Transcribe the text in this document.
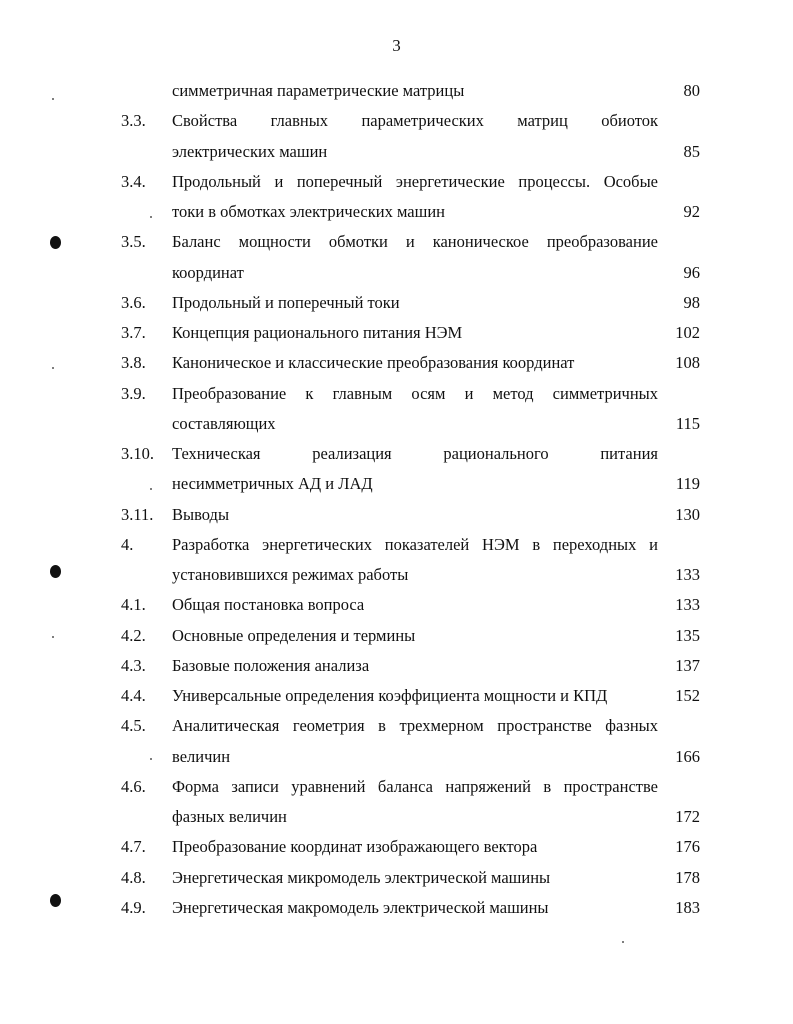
3
симметричная параметрические матрицы	80
3.3. Свойства главных параметрических матриц обиоток
электрических машин	85
3.4. Продольный и поперечный энергетические процессы. Особые
токи в обмотках электрических машин	92
3.5. Баланс мощности обмотки и каноническое преобразование
координат	96
3.6. Продольный и поперечный токи	98
3.7. Концепция рационального питания НЭМ	102
3.8. Каноническое и классические преобразования координат	108
3.9. Преобразование к главным осям и метод симметричных
составляющих	115
3.10. Техническая реализация рационального питания
несимметричных АД и ЛАД	119
3.11. Выводы	130
4. Разработка энергетических показателей НЭМ в переходных и
установившихся режимах работы	133
4.1. Общая постановка вопроса	133
4.2. Основные определения и термины	135
4.3. Базовые положения анализа	137
4.4. Универсальные определения коэффициента мощности и КПД	152
4.5. Аналитическая геометрия в трехмерном пространстве фазных
величин	166
4.6. Форма записи уравнений баланса напряжений в пространстве
фазных величин	172
4.7. Преобразование координат изображающего вектора	176
4.8. Энергетическая микромодель электрической машины	178
4.9. Энергетическая макромодель электрической машины	183
